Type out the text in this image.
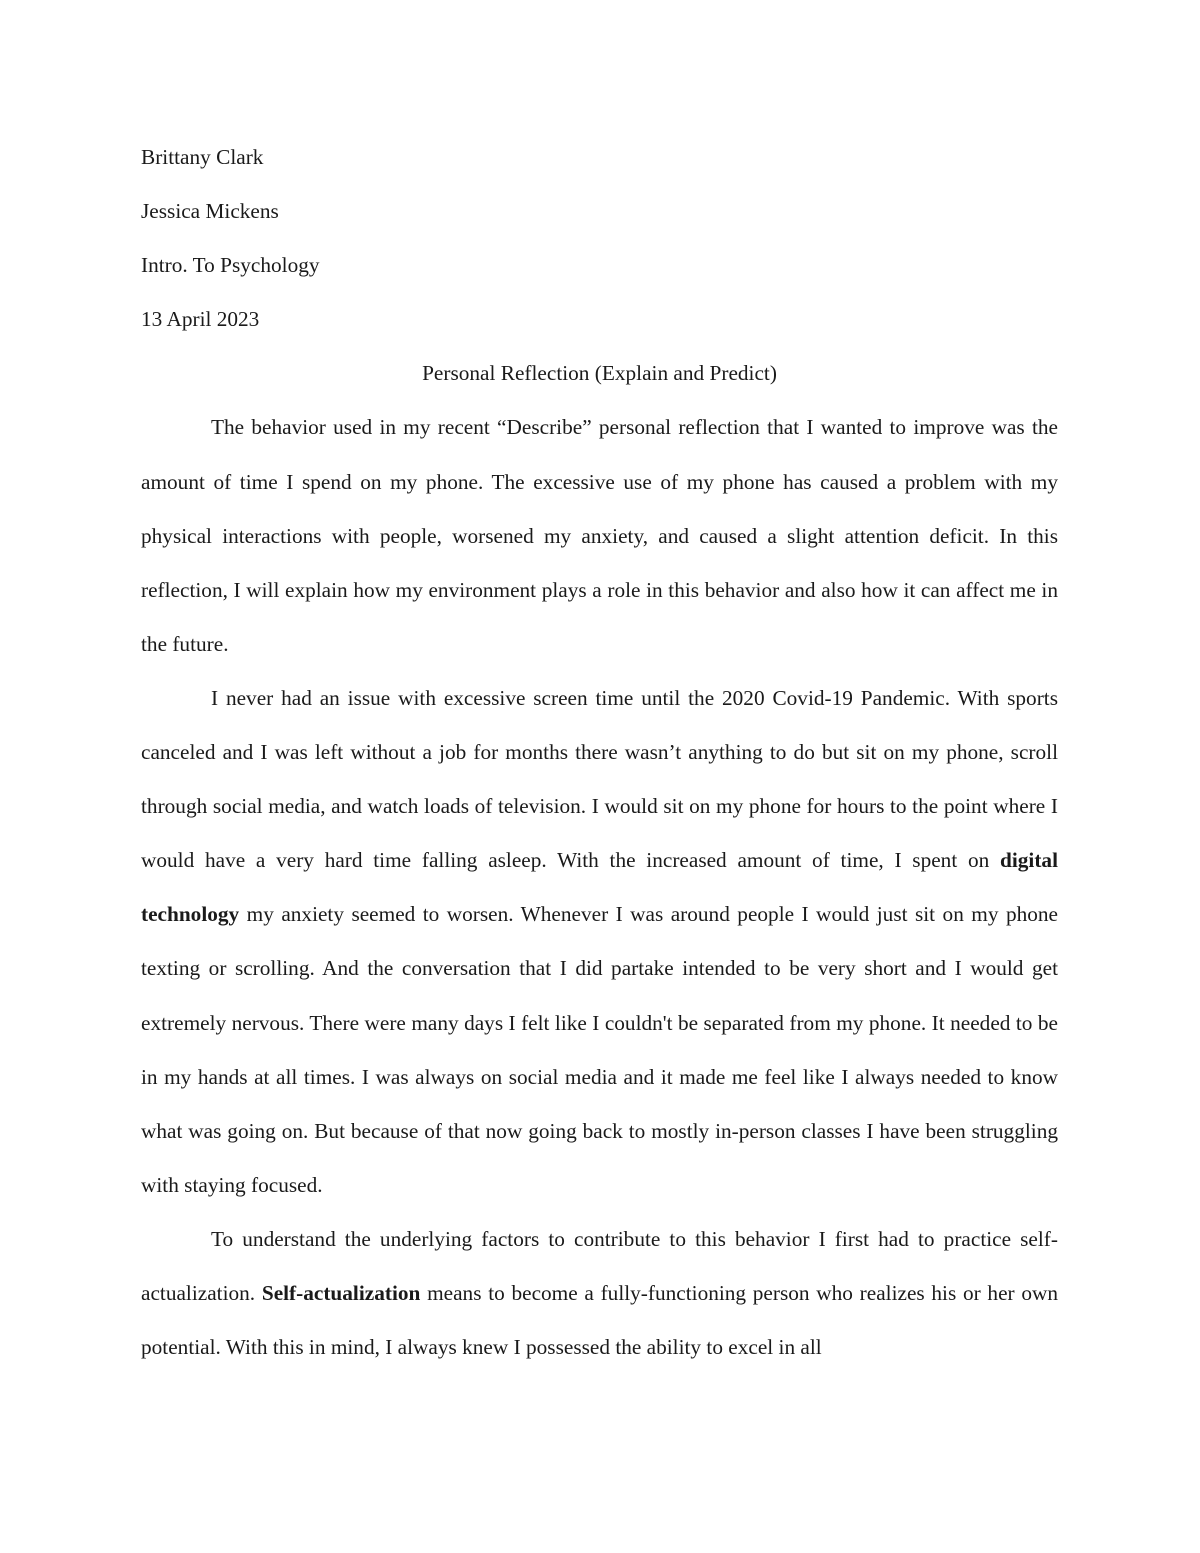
Brittany Clark

Jessica Mickens

Intro. To Psychology

13 April 2023

Personal Reflection (Explain and Predict)

The behavior used in my recent “Describe” personal reflection that I wanted to improve was the amount of time I spend on my phone. The excessive use of my phone has caused a problem with my physical interactions with people, worsened my anxiety, and caused a slight attention deficit. In this reflection, I will explain how my environment plays a role in this behavior and also how it can affect me in the future.

I never had an issue with excessive screen time until the 2020 Covid-19 Pandemic. With sports canceled and I was left without a job for months there wasn’t anything to do but sit on my phone, scroll through social media, and watch loads of television. I would sit on my phone for hours to the point where I would have a very hard time falling asleep. With the increased amount of time, I spent on digital technology my anxiety seemed to worsen. Whenever I was around people I would just sit on my phone texting or scrolling. And the conversation that I did partake intended to be very short and I would get extremely nervous. There were many days I felt like I couldn't be separated from my phone. It needed to be in my hands at all times. I was always on social media and it made me feel like I always needed to know what was going on. But because of that now going back to mostly in-person classes I have been struggling with staying focused.

To understand the underlying factors to contribute to this behavior I first had to practice self-actualization. Self-actualization means to become a fully-functioning person who realizes his or her own potential. With this in mind, I always knew I possessed the ability to excel in all
